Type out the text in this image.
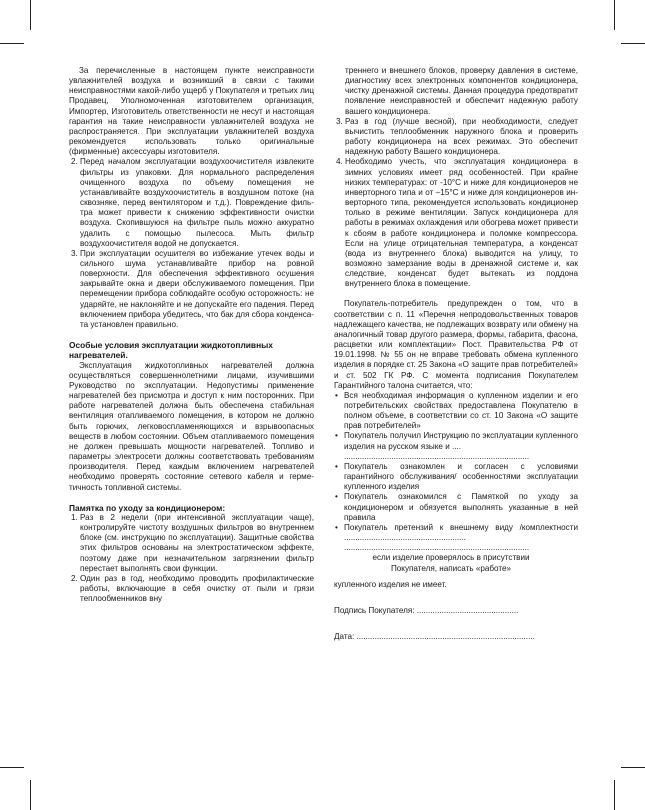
За перечисленные в настоящем пункте неисправности увлажнителей воздуха и возникший в связи с такими неисправностями какой-либо ущерб у Покупателя и третьих лиц Продавец, Уполномоченная изготовителем организация, Импортер, Изготовитель ответственности не несут и настоящая гарантия на такие неисправности увлажнителей воздуха не распространяется. При эксплуатации увлажнителей воздуха рекомендуется использовать только оригинальные (фирменные) аксессуары изготовителя.

2. Перед началом эксплуатации воздухоочистителя извлеките фильтры из упаковки. Для нормального распределения очищенного воздуха по объему помещения не устанавливайте воздухоочиститель в воздушном потоке (на сквозняке, перед вентилятором и т.д.). Повреждение фильтра может привести к снижению эффективности очистки воздуха. Скопившуюся на фильтре пыль можно аккуратно удалить с помощью пылесоса. Мыть фильтр воздухоочистителя водой не допускается.
3. При эксплуатации осушителя во избежание утечек воды и сильного шума устанавливайте прибор на ровной поверхности. Для обеспечения эффективного осушения закрывайте окна и двери обслуживаемого помещения. При перемещении прибора соблюдайте особую осторожность: не ударяйте, не наклоняйте и не допускайте его падения. Перед включением прибора убедитесь, что бак для сбора конденсата установлен правильно.

Особые условия эксплуатации жидкотопливных нагревателей.

Эксплуатация жидкотопливных нагревателей должна осуществляться совершеннолетними лицами, изучившими Руководство по эксплуатации. Недопустимы применение нагревателей без присмотра и доступ к ним посторонних. При работе нагревателей должна быть обеспечена стабильная вентиляция отапливаемого помещения, в котором не должно быть горючих, легковоспламеняющихся и взрывоопасных веществ в любом состоянии. Объем отапливаемого помещения не должен превышать мощности нагревателей. Топливо и параметры электросети должны соответствовать требованиям производителя. Перед каждым включением нагревателей необходимо проверять состояние сетевого кабеля и герметичность топливной системы.

Памятка по уходу за кондиционером:

1. Раз в 2 недели (при интенсивной эксплуатации чаще), контролируйте чистоту воздушных фильтров во внутреннем блоке (см. инструкцию по эксплуатации). Защитные свойства этих фильтров основаны на электростатическом эффекте, поэтому даже при незначительном загрязнении фильтр перестает выполнять свои функции.
2. Один раз в год, необходимо проводить профилактические работы, включающие в себя очистку от пыли и грязи теплообменников вну

треннего и внешнего блоков, проверку давления в системе, диагностику всех электронных компонентов кондиционера, чистку дренажной системы. Данная процедура предотвратит появление неисправностей и обеспечит надежную работу вашего кондиционера.

3. Раз в год (лучше весной), при необходимости, следует вычистить теплообменник наружного блока и проверить работу кондиционера на всех режимах. Это обеспечит надежную работу Вашего кондиционера.
4. Необходимо учесть, что эксплуатация кондиционера в зимних условиях имеет ряд особенностей. При крайне низких температурах: от -10°С и ниже для кондиционеров не инверторного типа и от –15°С и ниже для кондиционеров инверторного типа, рекомендуется использовать кондиционер только в режиме вентиляции. Запуск кондиционера для работы в режимах охлаждения или обогрева может привести к сбоям в работе кондиционера и поломке компрессора. Если на улице отрицательная температура, а конденсат (вода из внутреннего блока) выводится на улицу, то возможно замерзание воды в дренажной системе и, как следствие, конденсат будет вытекать из поддона внутреннего блока в помещение.

Покупатель-потребитель предупрежден о том, что в соответствии с п. 11 «Перечня непродовольственных товаров надлежащего качества, не подлежащих возврату или обмену на аналогичный товар другого размера, формы, габарита, фасона, расцветки или комплектации» Пост. Правительства РФ от 19.01.1998. № 55 он не вправе требовать обмена купленного изделия в порядке ст. 25 Закона «О защите прав потребителей» и ст. 502 ГК РФ. С момента подписания Покупателем Гарантийного талона считается, что:

• Вся необходимая информация о купленном изделии и его потребительских свойствах предоставлена Покупателю в полном объеме, в соответствии со ст. 10 Закона «О защите прав потребителей»
• Покупатель получил Инструкцию по эксплуатации купленного изделия на русском языке и ....
..................................................................................
• Покупатель ознакомлен и согласен с условиями гарантийного обслуживания/ особенностями эксплуатации купленного изделия
• Покупатель ознакомился с Памяткой по уходу за кондиционером и обязуется выполнять указанные в ней правила
• Покупатель претензий к внешнему виду /комплектности ......................................................
..................................................................................

если изделие проверялось в присутствии Покупателя, написать «работе»

купленного изделия не имеет.

Подпись Покупателя: .............................................

Дата: ...............................................................................
